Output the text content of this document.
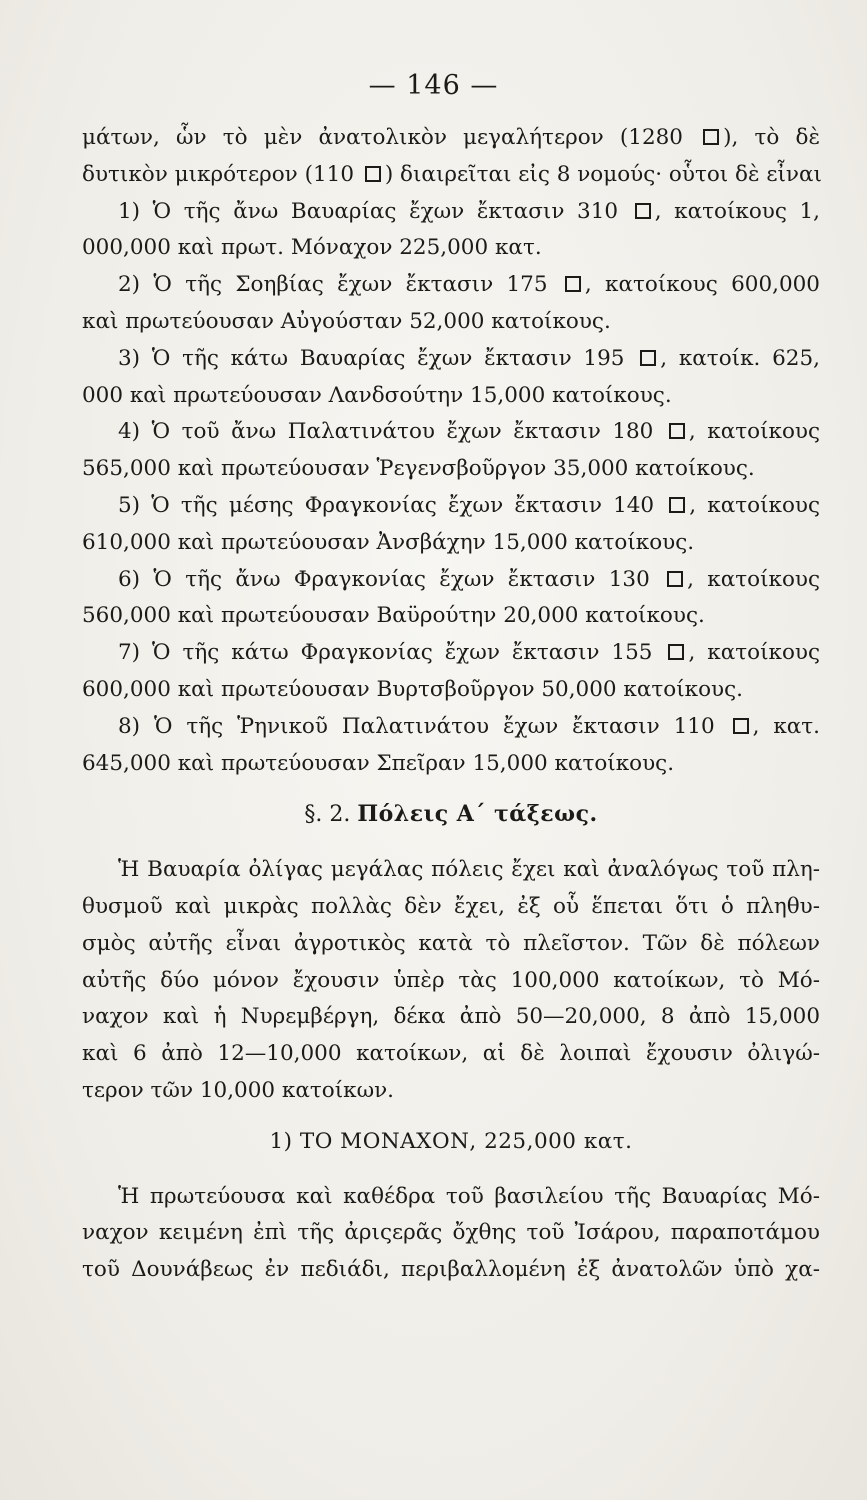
— 146 —
μάτων, ὧν τὸ μὲν ἀνατολικὸν μεγαλήτερον (1280 ), τὸ δὲ
δυτικὸν μικρότερον (110 ) διαιρεῖται εἰς 8 νομούς· οὗτοι δὲ εἶναι
1) Ὁ τῆς ἄνω Βαυαρίας ἔχων ἔκτασιν 310 , κατοίκους 1,
000,000 καὶ πρωτ. Μόναχον 225,000 κατ.
2) Ὁ τῆς Σοηβίας ἔχων ἔκτασιν 175 , κατοίκους 600,000
καὶ πρωτεύουσαν Αὐγούσταν 52,000 κατοίκους.
3) Ὁ τῆς κάτω Βαυαρίας ἔχων ἔκτασιν 195 , κατοίκ. 625,
000 καὶ πρωτεύουσαν Λανδσούτην 15,000 κατοίκους.
4) Ὁ τοῦ ἄνω Παλατινάτου ἔχων ἔκτασιν 180 , κατοίκους
565,000 καὶ πρωτεύουσαν Ῥεγενσβοῦργον 35,000 κατοίκους.
5) Ὁ τῆς μέσης Φραγκονίας ἔχων ἔκτασιν 140 , κατοίκους
610,000 καὶ πρωτεύουσαν Ἀνσβάχην 15,000 κατοίκους.
6) Ὁ τῆς ἄνω Φραγκονίας ἔχων ἔκτασιν 130 , κατοίκους
560,000 καὶ πρωτεύουσαν Βαϋρούτην 20,000 κατοίκους.
7) Ὁ τῆς κάτω Φραγκονίας ἔχων ἔκτασιν 155 , κατοίκους
600,000 καὶ πρωτεύουσαν Βυρτσβοῦργον 50,000 κατοίκους.
8) Ὁ τῆς Ῥηνικοῦ Παλατινάτου ἔχων ἔκτασιν 110 , κατ.
645,000 καὶ πρωτεύουσαν Σπεῖραν 15,000 κατοίκους.
§. 2. Πόλεις Α΄ τάξεως.
Ἡ Βαυαρία ὀλίγας μεγάλας πόλεις ἔχει καὶ ἀναλόγως τοῦ πλη-
θυσμοῦ καὶ μικρὰς πολλὰς δὲν ἔχει, ἐξ οὗ ἕπεται ὅτι ὁ πληθυ-
σμὸς αὐτῆς εἶναι ἀγροτικὸς κατὰ τὸ πλεῖστον. Τῶν δὲ πόλεων
αὐτῆς δύο μόνον ἔχουσιν ὑπὲρ τὰς 100,000 κατοίκων, τὸ Μό-
ναχον καὶ ἡ Νυρεμβέργη, δέκα ἀπὸ 50—20,000, 8 ἀπὸ 15,000
καὶ 6 ἀπὸ 12—10,000 κατοίκων, αἱ δὲ λοιπαὶ ἔχουσιν ὀλιγώ-
τερον τῶν 10,000 κατοίκων.
1) ΤΟ ΜΟΝΑΧΟΝ, 225,000 κατ.
Ἡ πρωτεύουσα καὶ καθέδρα τοῦ βασιλείου τῆς Βαυαρίας Μό-
ναχον κειμένη ἐπὶ τῆς ἀριςερᾶς ὄχθης τοῦ Ἰσάρου, παραποτάμου
τοῦ Δουνάβεως ἐν πεδιάδι, περιβαλλομένη ἐξ ἀνατολῶν ὑπὸ χα-
